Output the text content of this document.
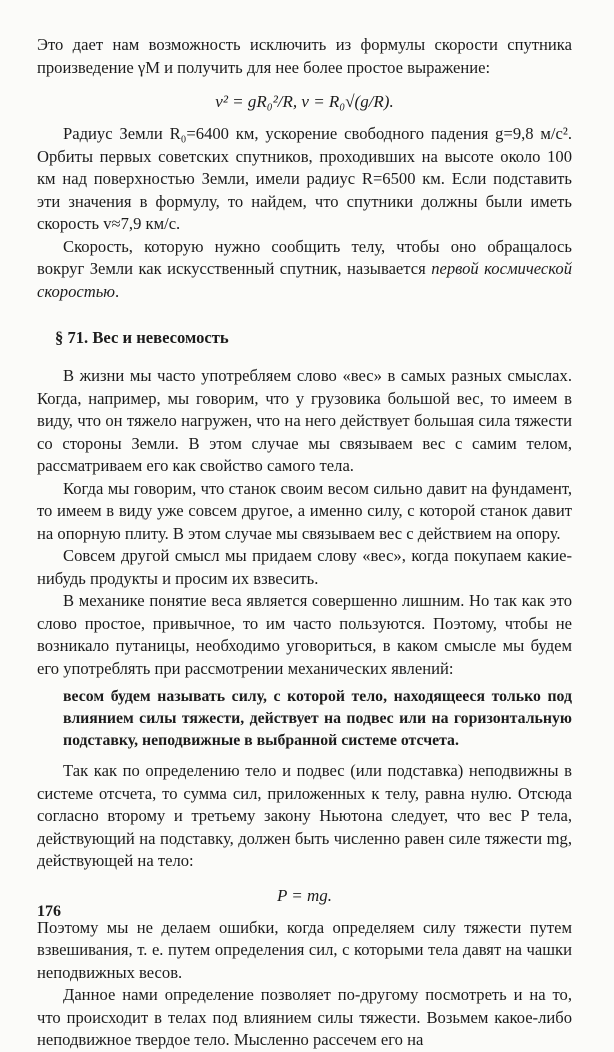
Это дает нам возможность исключить из формулы скорости спутника произведение γM и получить для нее более простое выражение:

v² = gR₀²/R, v = R₀√(g/R).

Радиус Земли R₀=6400 км, ускорение свободного падения g=9,8 м/с². Орбиты первых советских спутников, проходивших на высоте около 100 км над поверхностью Земли, имели радиус R=6500 км. Если подставить эти значения в формулу, то найдем, что спутники должны были иметь скорость v≈7,9 км/с.

Скорость, которую нужно сообщить телу, чтобы оно обращалось вокруг Земли как искусственный спутник, называется первой космической скоростью.

§ 71. Вес и невесомость

В жизни мы часто употребляем слово «вес» в самых разных смыслах. Когда, например, мы говорим, что у грузовика большой вес, то имеем в виду, что он тяжело нагружен, что на него действует большая сила тяжести со стороны Земли. В этом случае мы связываем вес с самим телом, рассматриваем его как свойство самого тела.

Когда мы говорим, что станок своим весом сильно давит на фундамент, то имеем в виду уже совсем другое, а именно силу, с которой станок давит на опорную плиту. В этом случае мы связываем вес с действием на опору.

Совсем другой смысл мы придаем слову «вес», когда покупаем какие-нибудь продукты и просим их взвесить.

В механике понятие веса является совершенно лишним. Но так как это слово простое, привычное, то им часто пользуются. Поэтому, чтобы не возникало путаницы, необходимо уговориться, в каком смысле мы будем его употреблять при рассмотрении механических явлений:

весом будем называть силу, с которой тело, находящееся только под влиянием силы тяжести, действует на подвес или на горизонтальную подставку, неподвижные в выбранной системе отсчета.

Так как по определению тело и подвес (или подставка) неподвижны в системе отсчета, то сумма сил, приложенных к телу, равна нулю. Отсюда согласно второму и третьему закону Ньютона следует, что вес P тела, действующий на подставку, должен быть численно равен силе тяжести mg, действующей на тело:

P = mg.

Поэтому мы не делаем ошибки, когда определяем силу тяжести путем взвешивания, т. е. путем определения сил, с которыми тела давят на чашки неподвижных весов.

Данное нами определение позволяет по-другому посмотреть и на то, что происходит в телах под влиянием силы тяжести. Возьмем какое-либо неподвижное твердое тело. Мысленно рассечем его на

176
